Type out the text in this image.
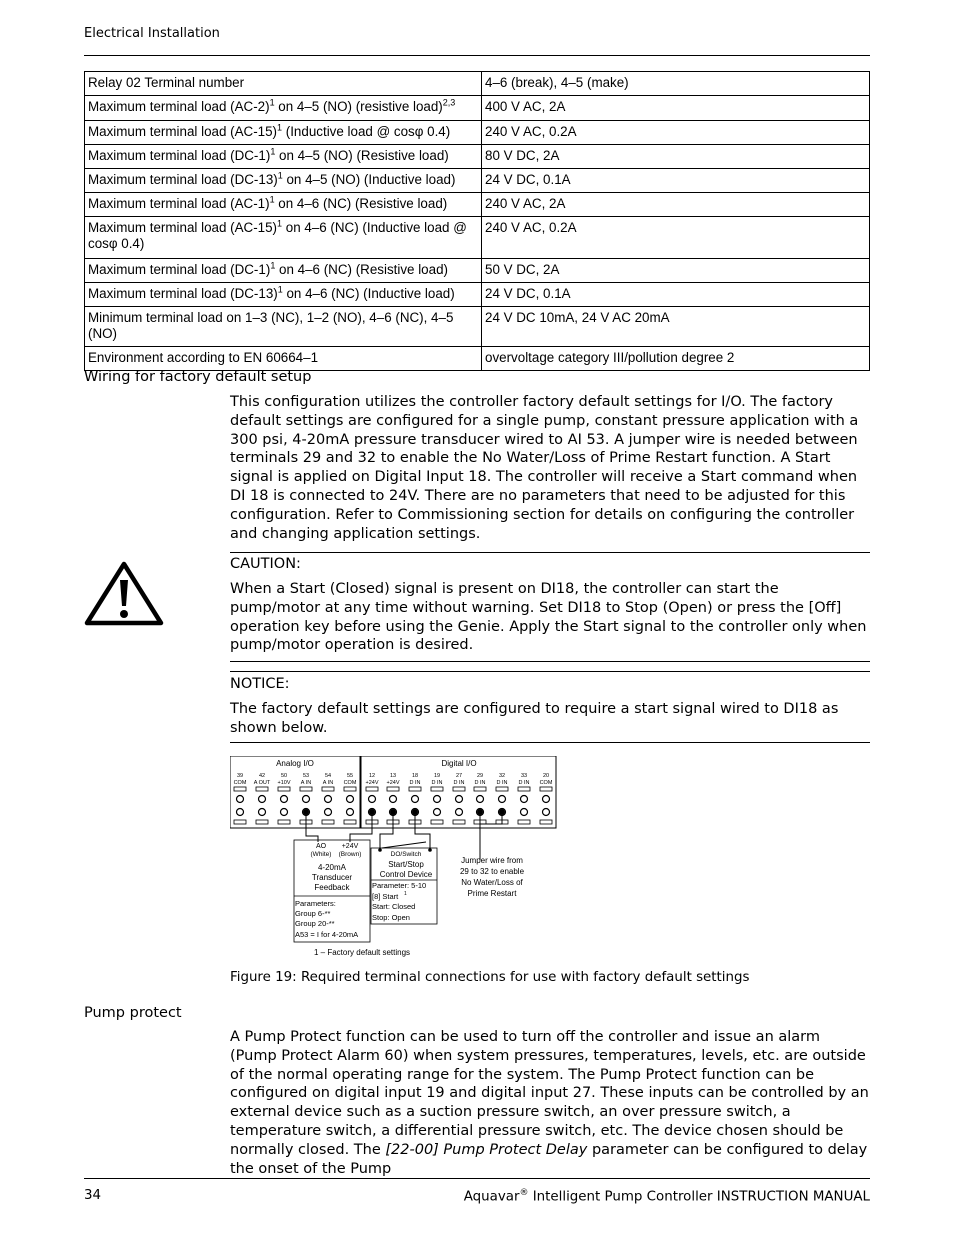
Electrical Installation
Relay 02 Terminal number	4–6 (break), 4–5 (make)
Maximum terminal load $(AC-2)^1$ on 4–5 (NO) (resistive load)$^{2,3}$	400 V AC, 2A
Maximum terminal load $(AC-15)^1$ (Inductive load @ cosφ 0.4)	240 V AC, 0.2A
Maximum terminal load $(DC-1)^1$ on 4–5 (NO) (Resistive load)	80 V DC, 2A
Maximum terminal load $(DC-13)^1$ on 4–5 (NO) (Inductive load)	24 V DC, 0.1A
Maximum terminal load $(AC-1)^1$ on 4–6 (NC) (Resistive load)	240 V AC, 2A
Maximum terminal load $(AC-15)^1$ on 4–6 (NC) (Inductive load @ cosφ 0.4)	240 V AC, 0.2A
Maximum terminal load $(DC-1)^1$ on 4–6 (NC) (Resistive load)	50 V DC, 2A
Maximum terminal load $(DC-13)^1$ on 4–6 (NC) (Inductive load)	24 V DC, 0.1A
Minimum terminal load on 1–3 (NC), 1–2 (NO), 4–6 (NC), 4–5 (NO)	24 V DC 10mA, 24 V AC 20mA
Environment according to EN 60664–1	overvoltage category III/pollution degree 2
Wiring for factory default setup
This configuration utilizes the controller factory default settings for I/O. The factory default settings are configured for a single pump, constant pressure application with a 300 psi, 4-20mA pressure transducer wired to AI 53. A jumper wire is needed between terminals 29 and 32 to enable the No Water/Loss of Prime Restart function. A Start signal is applied on Digital Input 18. The controller will receive a Start command when DI 18 is connected to 24V. There are no parameters that need to be adjusted for this configuration. Refer to Commissioning section for details on configuring the controller and changing application settings.
CAUTION:
When a Start (Closed) signal is present on DI18, the controller can start the pump/motor at any time without warning. Set DI18 to Stop (Open) or press the [Off] operation key before using the Genie. Apply the Start signal to the controller only when pump/motor operation is desired.
NOTICE:
The factory default settings are configured to require a start signal wired to DI18 as shown below.
Analog I/O	Digital I/O
39
COM
42
A OUT
50
+10V
53
A IN
54
A IN
55
COM
12
+24V
13
+24V
18
D IN
19
D IN
27
D IN
29
D IN
32
D IN
33
D IN
20
COM
AO
(White)
+24V
(Brown)
4-20mA
Transducer
Feedback
Parameters:
Group 6-**
Group 20-**
A53 = I for 4-20mA
DO/Switch
Start/Stop
Control Device
Parameter: 5-10
[8] Start 1
Start: Closed
Stop: Open
Jumper wire from
29 to 32 to enable
No Water/Loss of
Prime Restart
1 – Factory default settings
Figure 19: Required terminal connections for use with factory default settings
Pump protect
A Pump Protect function can be used to turn off the controller and issue an alarm (Pump Protect Alarm 60) when system pressures, temperatures, levels, etc. are outside of the normal operating range for the system. The Pump Protect function can be configured on digital input 19 and digital input 27. These inputs can be controlled by an external device such as a suction pressure switch, an over pressure switch, a temperature switch, a differential pressure switch, etc. The device chosen should be normally closed. The [22-00] Pump Protect Delay parameter can be configured to delay the onset of the Pump
34	Aquavar® Intelligent Pump Controller INSTRUCTION MANUAL
